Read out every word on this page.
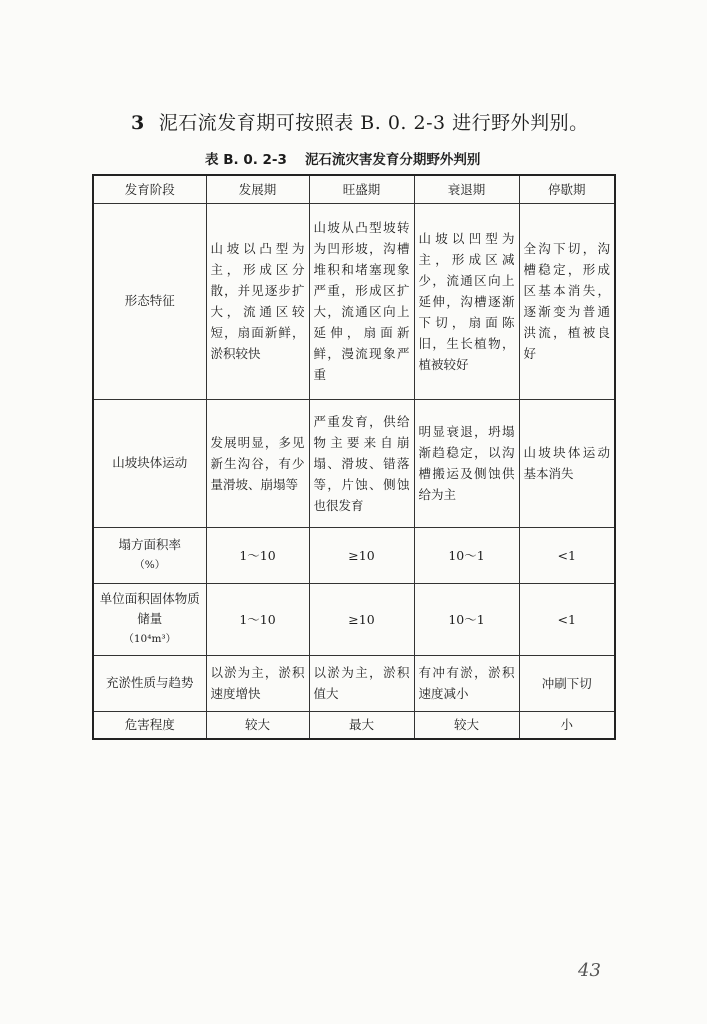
3 泥石流发育期可按照表 B. 0. 2-3 进行野外判别。
表 B. 0. 2-3 泥石流灾害发育分期野外判别
发育阶段	发展期	旺盛期	衰退期	停歇期
形态特征	山坡以凸型为主，形成区分散，并见逐步扩大，流通区较短，扇面新鲜，淤积较快	山坡从凸型坡转为凹形坡，沟槽堆积和堵塞现象严重，形成区扩大，流通区向上延伸，扇面新鲜，漫流现象严重	山坡以凹型为主，形成区减少，流通区向上延伸，沟槽逐渐下切，扇面陈旧，生长植物，植被较好	全沟下切，沟槽稳定，形成区基本消失，逐渐变为普通洪流，植被良好
山坡块体运动	发展明显，多见新生沟谷，有少量滑坡、崩塌等	严重发育，供给物主要来自崩塌、滑坡、错落等，片蚀、侧蚀也很发育	明显衰退，坍塌渐趋稳定，以沟槽搬运及侧蚀供给为主	山坡块体运动基本消失

塌方面积率
（%）	1～10	≥10	10～1	<1

单位面积固体物质储量
（10⁴m³）	1～10	≥10	10～1	<1
充淤性质与趋势	以淤为主，淤积速度增快	以淤为主，淤积值大	有冲有淤，淤积速度减小	冲刷下切
危害程度	较大	最大	较大	小
43
